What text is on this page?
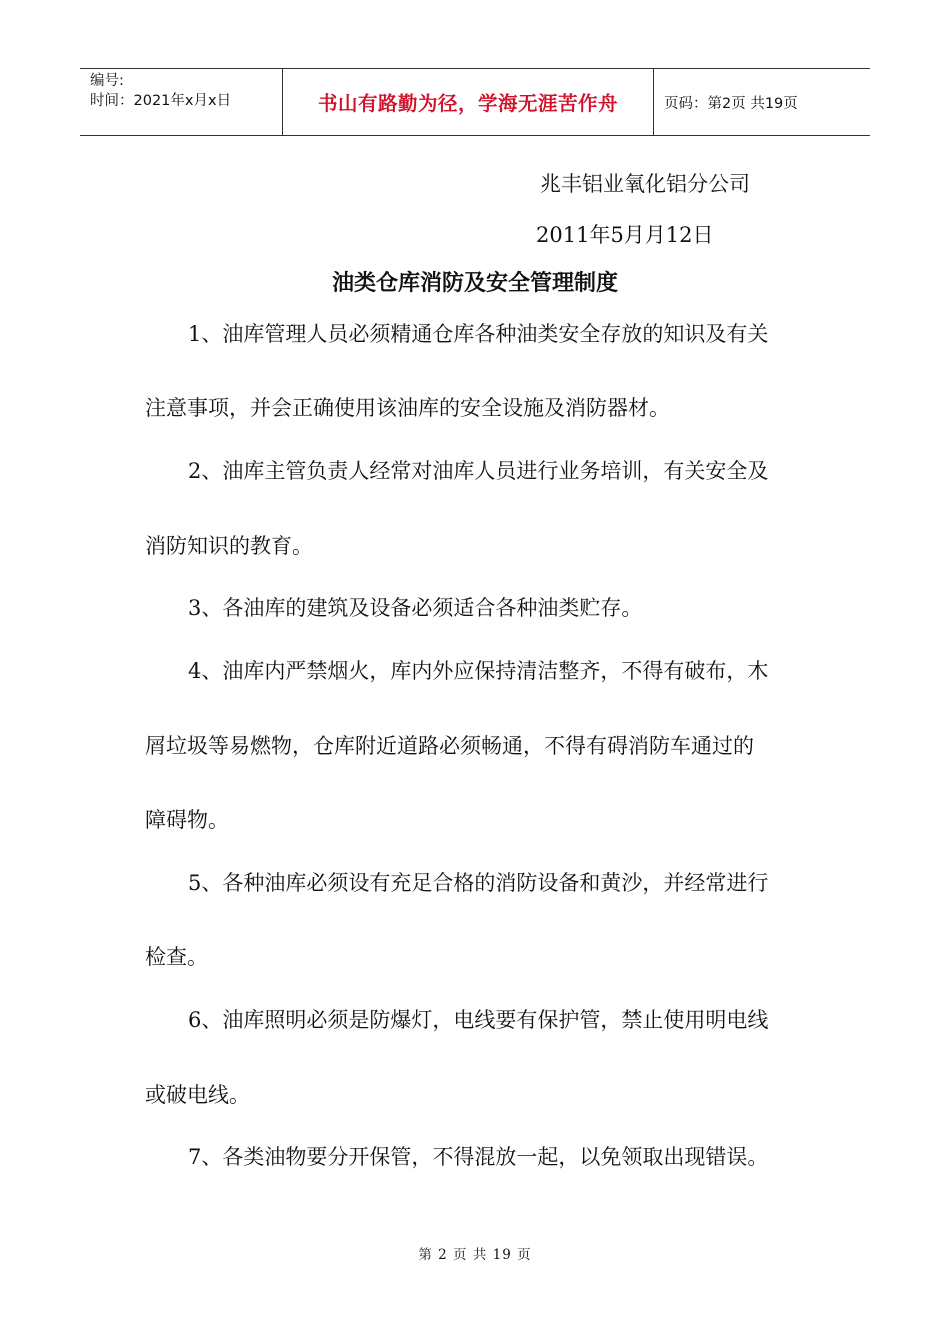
编号:
时间：2021年x月x日	书山有路勤为径，学海无涯苦作舟	页码：第2页 共19页
兆丰铝业氧化铝分公司
2011年5月月12日
油类仓库消防及安全管理制度
1、油库管理人员必须精通仓库各种油类安全存放的知识及有关
注意事项，并会正确使用该油库的安全设施及消防器材。
2、油库主管负责人经常对油库人员进行业务培训，有关安全及
消防知识的教育。
3、各油库的建筑及设备必须适合各种油类贮存。
4、油库内严禁烟火，库内外应保持清洁整齐，不得有破布，木
屑垃圾等易燃物，仓库附近道路必须畅通，不得有碍消防车通过的
障碍物。
5、各种油库必须设有充足合格的消防设备和黄沙，并经常进行
检查。
6、油库照明必须是防爆灯，电线要有保护管，禁止使用明电线
或破电线。
7、各类油物要分开保管，不得混放一起，以免领取出现错误。
第 2 页 共 19 页
